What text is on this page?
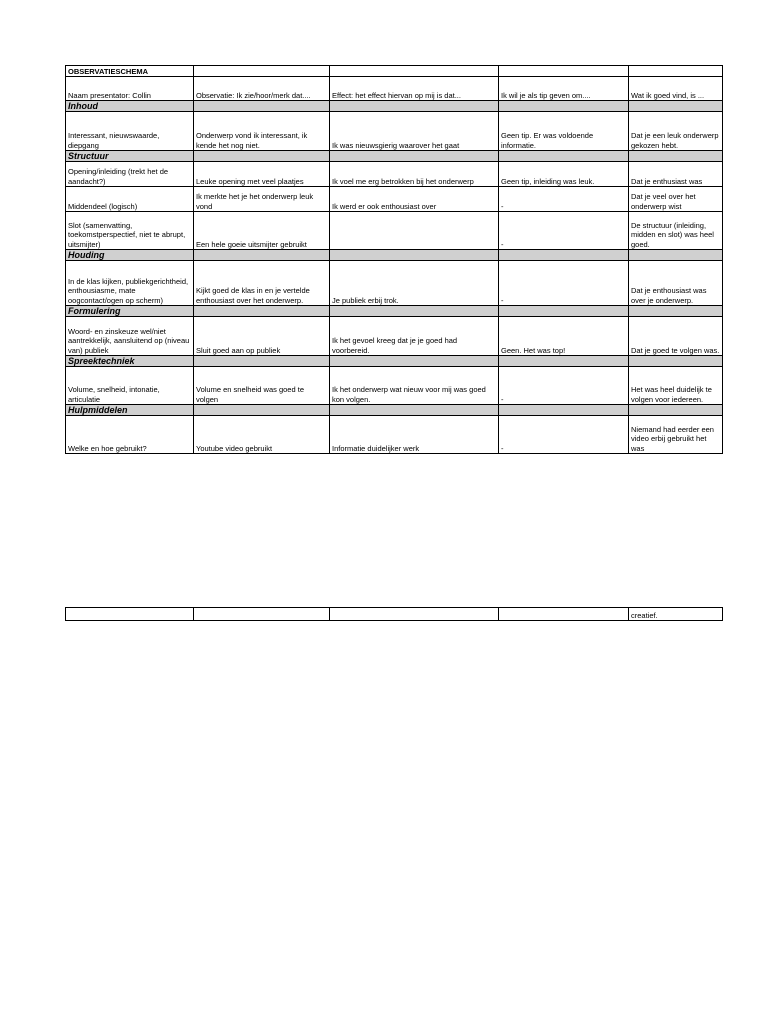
OBSERVATIESCHEMA				
Naam presentator: Collin	Observatie: Ik zie/hoor/merk dat....	Effect: het effect hiervan op mij is dat...	Ik wil je als tip geven om....	Wat ik goed vind, is ...
Inhoud				
Interessant, nieuwswaarde, diepgang	Onderwerp vond ik interessant, ik kende het nog niet.	Ik was nieuwsgierig waarover het gaat	Geen tip. Er was voldoende informatie.	Dat je een leuk onderwerp gekozen hebt.
Structuur				
Opening/inleiding (trekt het de aandacht?)	Leuke opening met veel plaatjes	Ik voel me erg betrokken bij het onderwerp	Geen tip, inleiding was leuk.	Dat je enthusiast was
Middendeel (logisch)	Ik merkte het je het onderwerp leuk vond	Ik werd er ook enthousiast over	-	Dat je veel over het onderwerp wist
Slot (samenvatting, toekomstperspectief, niet te abrupt, uitsmijter)	Een hele goeie uitsmijter gebruikt		-	De structuur (inleiding, midden en slot) was heel goed.
Houding				
In de klas kijken, publiekgerichtheid, enthousiasme, mate oogcontact/ogen op scherm)	Kijkt goed de klas in en je vertelde enthousiast over het onderwerp.	Je publiek erbij trok.	-	Dat je enthousiast was over je onderwerp.
Formulering				
Woord- en zinskeuze wel/niet aantrekkelijk, aansluitend op (niveau van) publiek	Sluit goed aan op publiek	Ik het gevoel kreeg dat je je goed had voorbereid.	Geen. Het was top!	Dat je goed te volgen was.
Spreektechniek				
Volume, snelheid, intonatie, articulatie	Volume en snelheid was goed te volgen	Ik het onderwerp wat nieuw voor mij was goed kon volgen.	-	Het was heel duidelijk te volgen voor iedereen.
Hulpmiddelen				
Welke en hoe gebruikt?	Youtube video gebruikt	Informatie duidelijker werk	-	Niemand had eerder een video erbij gebruikt het was
				creatief.
